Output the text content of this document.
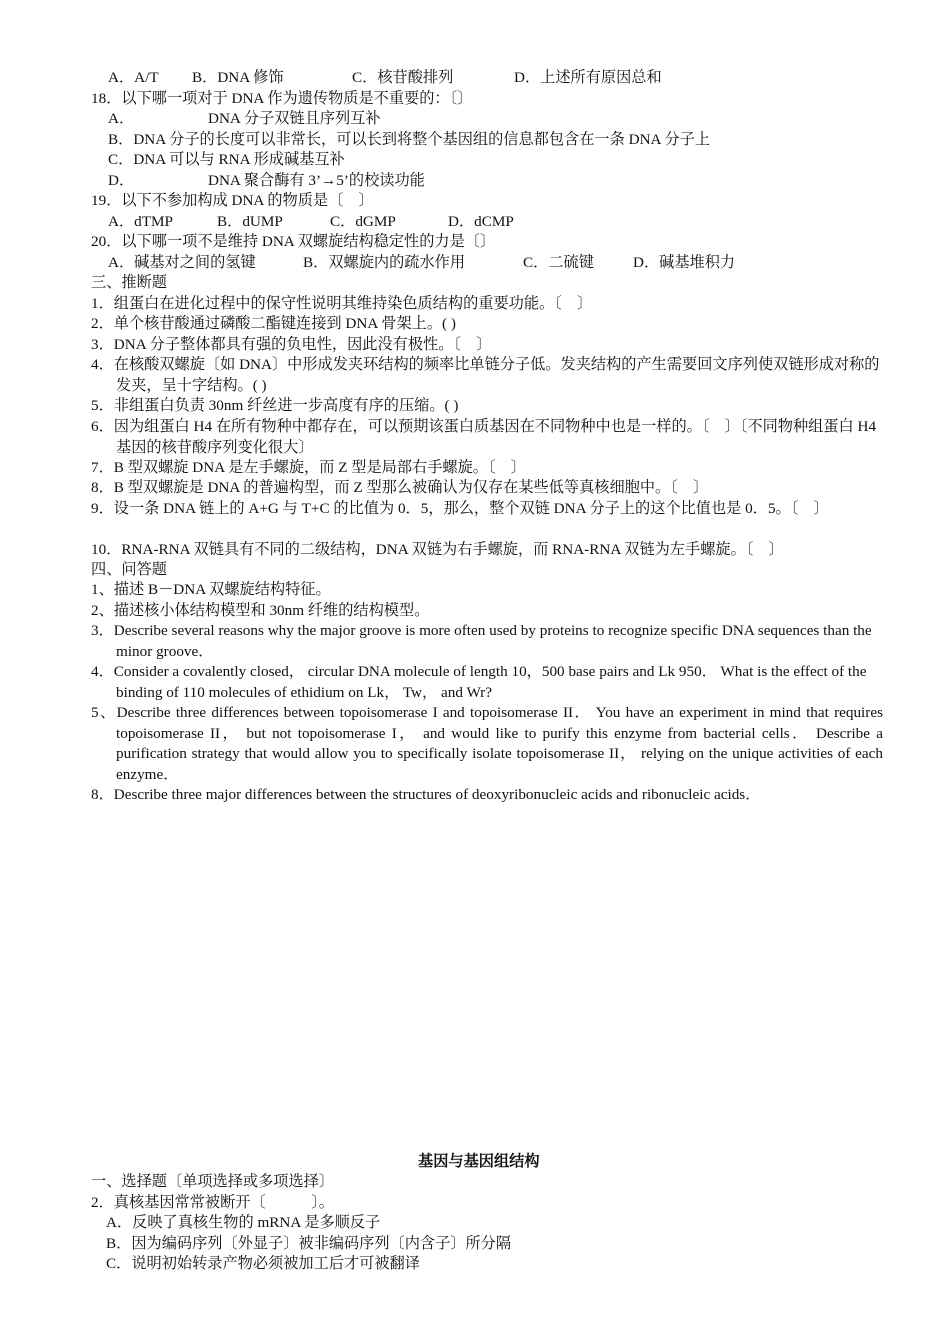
A．A/T B．DNA 修饰	C．核苷酸排列	D．上述所有原因总和
18．以下哪一项对于 DNA 作为遗传物质是不重要的：〔〕
A．	DNA 分子双链且序列互补
B．DNA 分子的长度可以非常长，可以长到将整个基因组的信息都包含在一条 DNA 分子上
C．DNA 可以与 RNA 形成碱基互补
D．	DNA 聚合酶有 3’→5’的校读功能
19．以下不参加构成 DNA 的物质是〔　〕
A．dTMP	B．dUMP	C．dGMP	D．dCMP
20．以下哪一项不是维持 DNA 双螺旋结构稳定性的力是〔〕
A．碱基对之间的氢键	B．双螺旋内的疏水作用	C．二硫键	D．碱基堆积力
三、推断题
1．组蛋白在进化过程中的保守性说明其维持染色质结构的重要功能。〔　〕
2．单个核苷酸通过磷酸二酯键连接到 DNA 骨架上。( )
3．DNA 分子整体都具有强的负电性，因此没有极性。〔　〕
4．在核酸双螺旋〔如 DNA〕中形成发夹环结构的频率比单链分子低。发夹结构的产生需要回文序列使双链形成对称的发夹，呈十字结构。( )
5．非组蛋白负责 30nm 纤丝进一步高度有序的压缩。( )
6．因为组蛋白 H4 在所有物种中都存在，可以预期该蛋白质基因在不同物种中也是一样的。〔　〕〔不同物种组蛋白 H4 基因的核苷酸序列变化很大〕
7．B 型双螺旋 DNA 是左手螺旋，而 Z 型是局部右手螺旋。〔　〕
8．B 型双螺旋是 DNA 的普遍构型，而 Z 型那么被确认为仅存在某些低等真核细胞中。〔　〕
9．设一条 DNA 链上的 A+G 与 T+C 的比值为 0．5，那么，整个双链 DNA 分子上的这个比值也是 0．5。〔　〕
10．RNA-RNA 双链具有不同的二级结构，DNA 双链为右手螺旋，而 RNA-RNA 双链为左手螺旋。〔　〕
四、问答题
1、描述 B－DNA 双螺旋结构特征。
2、描述核小体结构模型和 30nm 纤维的结构模型。
3．Describe several reasons why the major groove is more often used by proteins to recognize specific DNA sequences than the minor groove．
4．Consider a covalently closed， circular DNA molecule of length 10，500 base pairs and Lk 950． What is the effect of the binding of 110 molecules of ethidium on Lk， Tw， and Wr?
5、Describe three differences between topoisomerase I and topoisomerase II． You have an experiment in mind that requires topoisomerase II， but not topoisomerase I， and would like to purify this enzyme from bacterial cells． Describe a purification strategy that would allow you to specifically isolate topoisomerase II， relying on the unique activities of each enzyme．
8．Describe three major differences between the structures of deoxyribonucleic acids and ribonucleic acids．
基因与基因组结构
一、选择题〔单项选择或多项选择〕
2．真核基因常常被断开〔　　　〕。
A．反映了真核生物的 mRNA 是多顺反子
B．因为编码序列〔外显子〕被非编码序列〔内含子〕所分隔
C．说明初始转录产物必须被加工后才可被翻译
